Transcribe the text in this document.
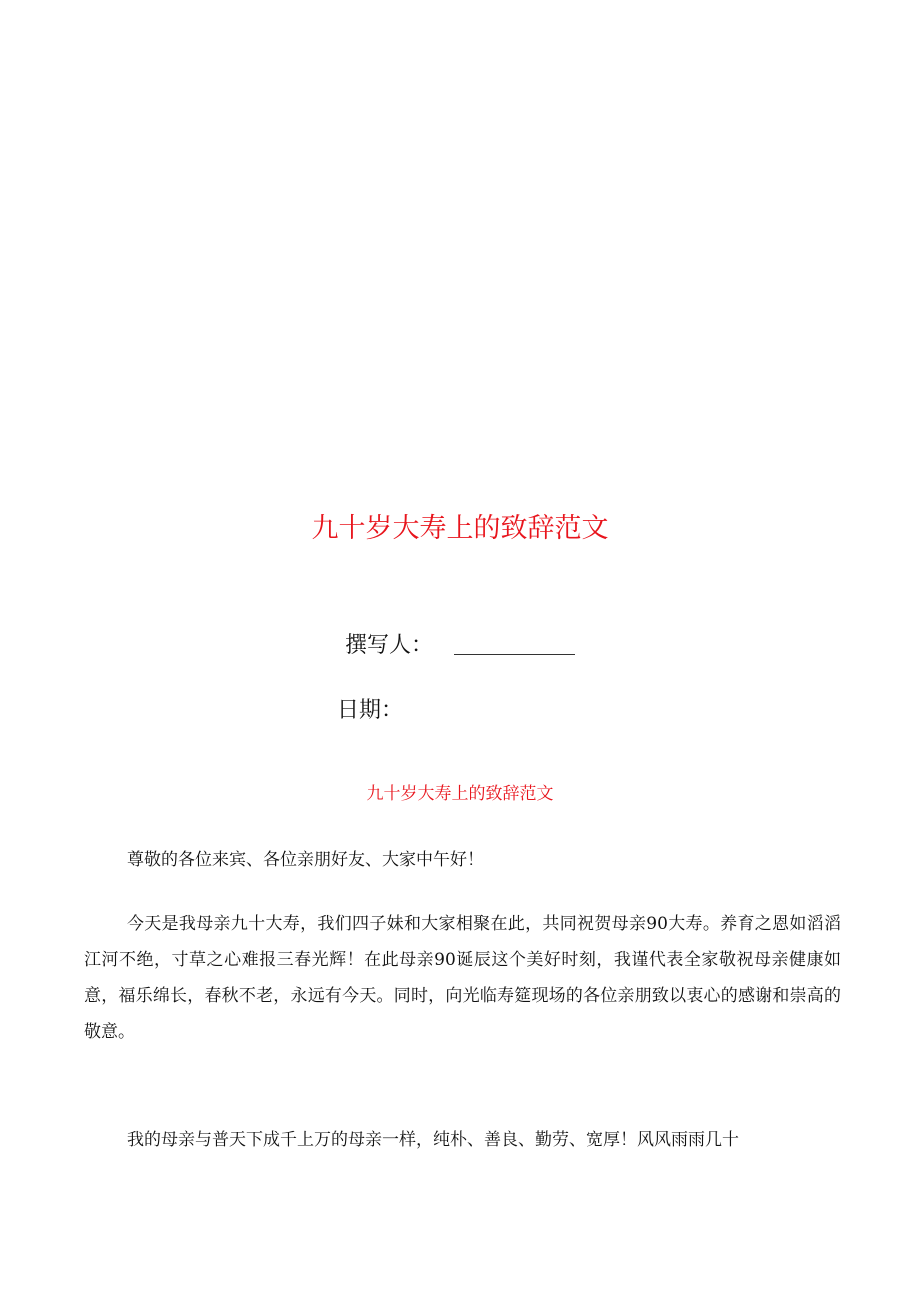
九十岁大寿上的致辞范文
撰写人：
日期：
九十岁大寿上的致辞范文
尊敬的各位来宾、各位亲朋好友、大家中午好！

今天是我母亲九十大寿，我们四子妹和大家相聚在此，共同祝贺母亲90大寿。养育之恩如滔滔江河不绝，寸草之心难报三春光辉！在此母亲90诞辰这个美好时刻，我谨代表全家敬祝母亲健康如意，福乐绵长，春秋不老，永远有今天。同时，向光临寿筵现场的各位亲朋致以衷心的感谢和崇高的敬意。

我的母亲与普天下成千上万的母亲一样，纯朴、善良、勤劳、宽厚！风风雨雨几十
